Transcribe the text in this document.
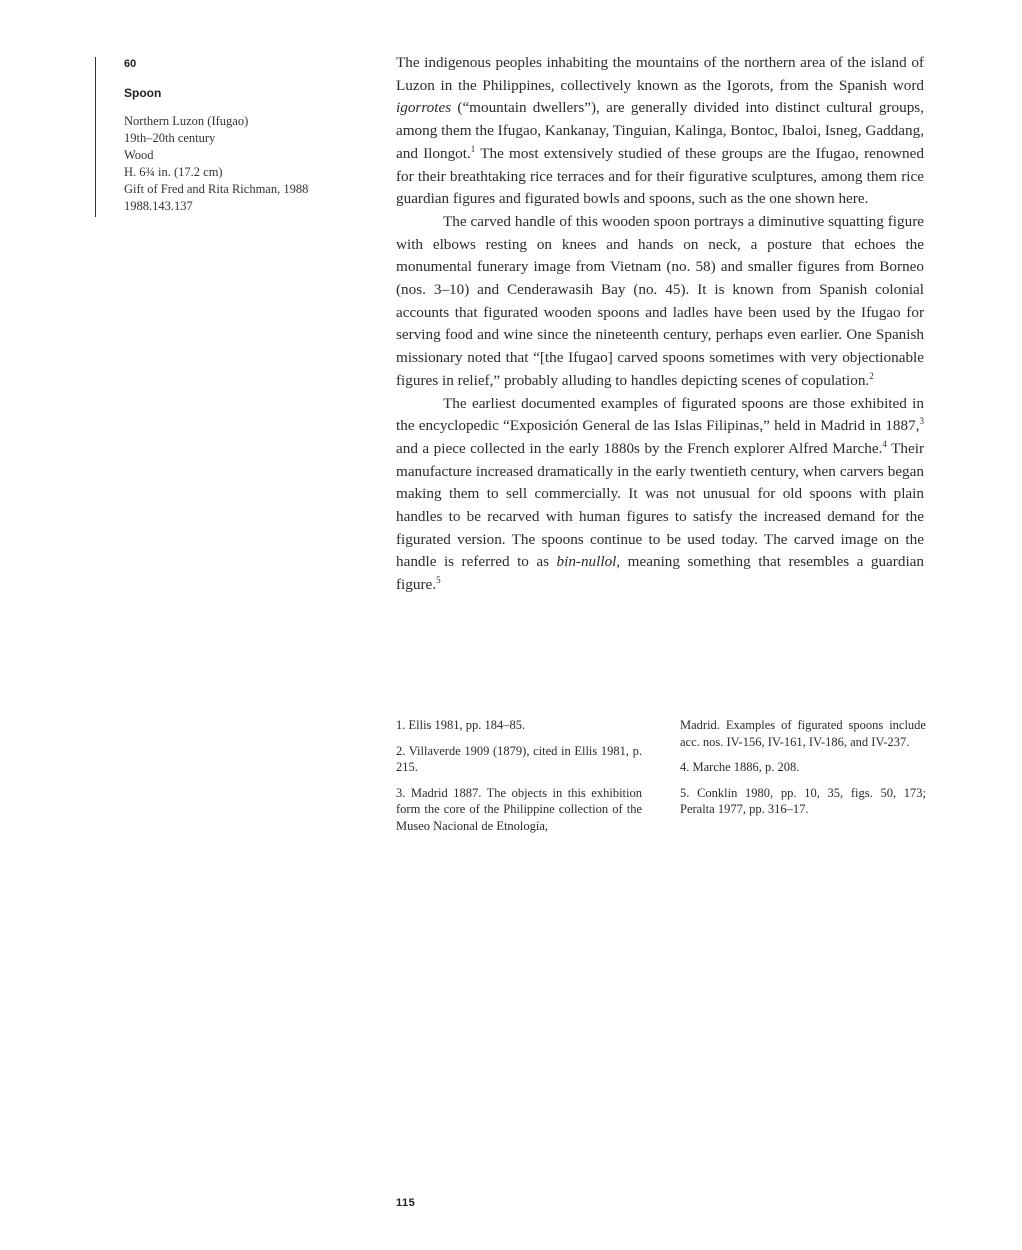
60
Spoon
Northern Luzon (Ifugao)
19th–20th century
Wood
H. 6¾ in. (17.2 cm)
Gift of Fred and Rita Richman, 1988
1988.143.137

The indigenous peoples inhabiting the mountains of the northern area of the island of Luzon in the Philippines, collectively known as the Igorots, from the Spanish word igorrotes (“mountain dwellers”), are generally divided into distinct cultural groups, among them the Ifugao, Kankanay, Tinguian, Kalinga, Bontoc, Ibaloi, Isneg, Gaddang, and Ilongot.$^1$ The most extensively studied of these groups are the Ifugao, renowned for their breathtaking rice terraces and for their figurative sculptures, among them rice guardian figures and figurated bowls and spoons, such as the one shown here.

The carved handle of this wooden spoon portrays a diminutive squatting figure with elbows resting on knees and hands on neck, a posture that echoes the monumental funerary image from Vietnam (no. 58) and smaller figures from Borneo (nos. 3–10) and Cenderawasih Bay (no. 45). It is known from Spanish colonial accounts that figurated wooden spoons and ladles have been used by the Ifugao for serving food and wine since the nineteenth century, perhaps even earlier. One Spanish missionary noted that “[the Ifugao] carved spoons sometimes with very objectionable figures in relief,” probably alluding to handles depicting scenes of copulation.$^2$

The earliest documented examples of figurated spoons are those exhibited in the encyclopedic “Exposición General de las Islas Filipinas,” held in Madrid in 1887,$^3$ and a piece collected in the early 1880s by the French explorer Alfred Marche.$^4$ Their manufacture increased dramatically in the early twentieth century, when carvers began making them to sell commercially. It was not unusual for old spoons with plain handles to be recarved with human figures to satisfy the increased demand for the figurated version. The spoons continue to be used today. The carved image on the handle is referred to as bin-nullol, meaning something that resembles a guardian figure.$^5$

1. Ellis 1981, pp. 184–85.

2. Villaverde 1909 (1879), cited in Ellis 1981, p. 215.

3. Madrid 1887. The objects in this exhibition form the core of the Philippine collection of the Museo Nacional de Etnología,

Madrid. Examples of figurated spoons include acc. nos. IV-156, IV-161, IV-186, and IV-237.

4. Marche 1886, p. 208.

5. Conklin 1980, pp. 10, 35, figs. 50, 173; Peralta 1977, pp. 316–17.

115
